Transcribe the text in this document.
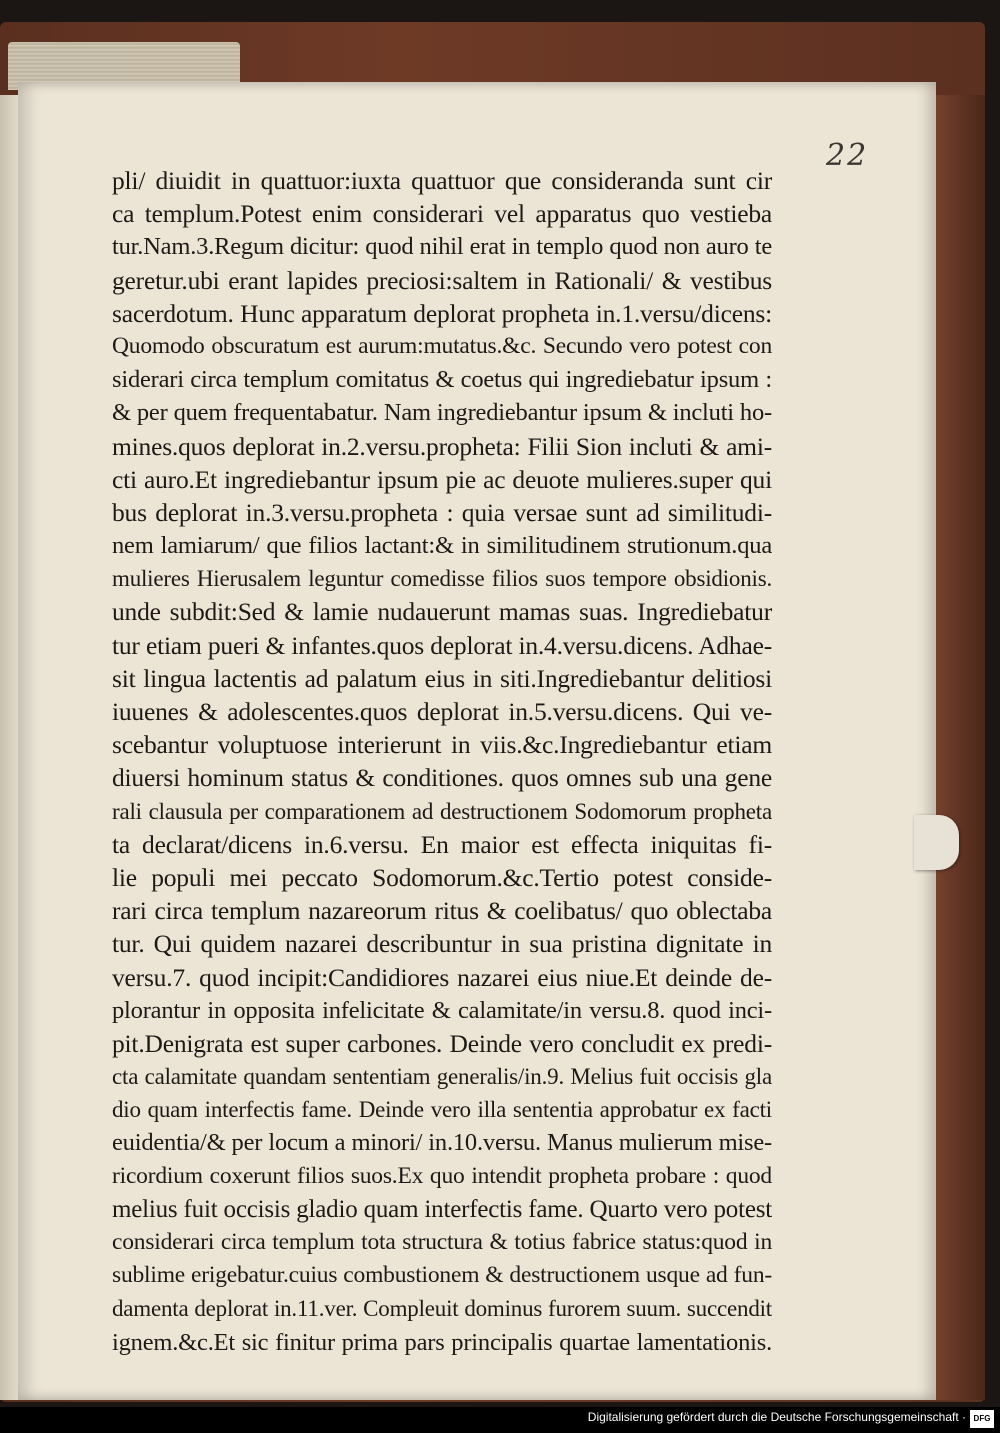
22
pli/ diuidit in quattuor:iuxta quattuor que consideranda sunt cir
ca templum.Potest enim considerari vel apparatus quo vestieba
tur.Nam.3.Regum dicitur: quod nihil erat in templo quod non auro te
geretur.ubi erant lapides preciosi:saltem in Rationali/ & vestibus
sacerdotum. Hunc apparatum deplorat propheta in.1.versu/dicens:
Quomodo obscuratum est aurum:mutatus.&c. Secundo vero potest con
siderari circa templum comitatus & coetus qui ingrediebatur ipsum :
& per quem frequentabatur. Nam ingrediebantur ipsum & incluti ho-
mines.quos deplorat in.2.versu.propheta: Filii Sion incluti & ami-
cti auro.Et ingrediebantur ipsum pie ac deuote mulieres.super qui
bus deplorat in.3.versu.propheta : quia versae sunt ad similitudi-
nem lamiarum/ que filios lactant:& in similitudinem strutionum.qua
mulieres Hierusalem leguntur comedisse filios suos tempore obsidionis.
unde subdit:Sed & lamie nudauerunt mamas suas. Ingrediebatur
tur etiam pueri & infantes.quos deplorat in.4.versu.dicens. Adhae-
sit lingua lactentis ad palatum eius in siti.Ingrediebantur delitiosi
iuuenes & adolescentes.quos deplorat in.5.versu.dicens. Qui ve-
scebantur voluptuose interierunt in viis.&c.Ingrediebantur etiam
diuersi hominum status & conditiones. quos omnes sub una gene
rali clausula per comparationem ad destructionem Sodomorum propheta
ta declarat/dicens in.6.versu. En maior est effecta iniquitas fi-
lie populi mei peccato Sodomorum.&c.Tertio potest conside-
rari circa templum nazareorum ritus & coelibatus/ quo oblectaba
tur. Qui quidem nazarei describuntur in sua pristina dignitate in
versu.7. quod incipit:Candidiores nazarei eius niue.Et deinde de-
plorantur in opposita infelicitate & calamitate/in versu.8. quod inci-
pit.Denigrata est super carbones. Deinde vero concludit ex predi-
cta calamitate quandam sententiam generalis/in.9. Melius fuit occisis gla
dio quam interfectis fame. Deinde vero illa sententia approbatur ex facti
euidentia/& per locum a minori/ in.10.versu. Manus mulierum mise-
ricordium coxerunt filios suos.Ex quo intendit propheta probare : quod
melius fuit occisis gladio quam interfectis fame. Quarto vero potest
considerari circa templum tota structura & totius fabrice status:quod in
sublime erigebatur.cuius combustionem & destructionem usque ad fun-
damenta deplorat in.11.ver. Compleuit dominus furorem suum. succendit
ignem.&c.Et sic finitur prima pars principalis quartae lamentationis.
Digitalisierung gefördert durch die Deutsche Forschungsgemeinschaft · DFG
